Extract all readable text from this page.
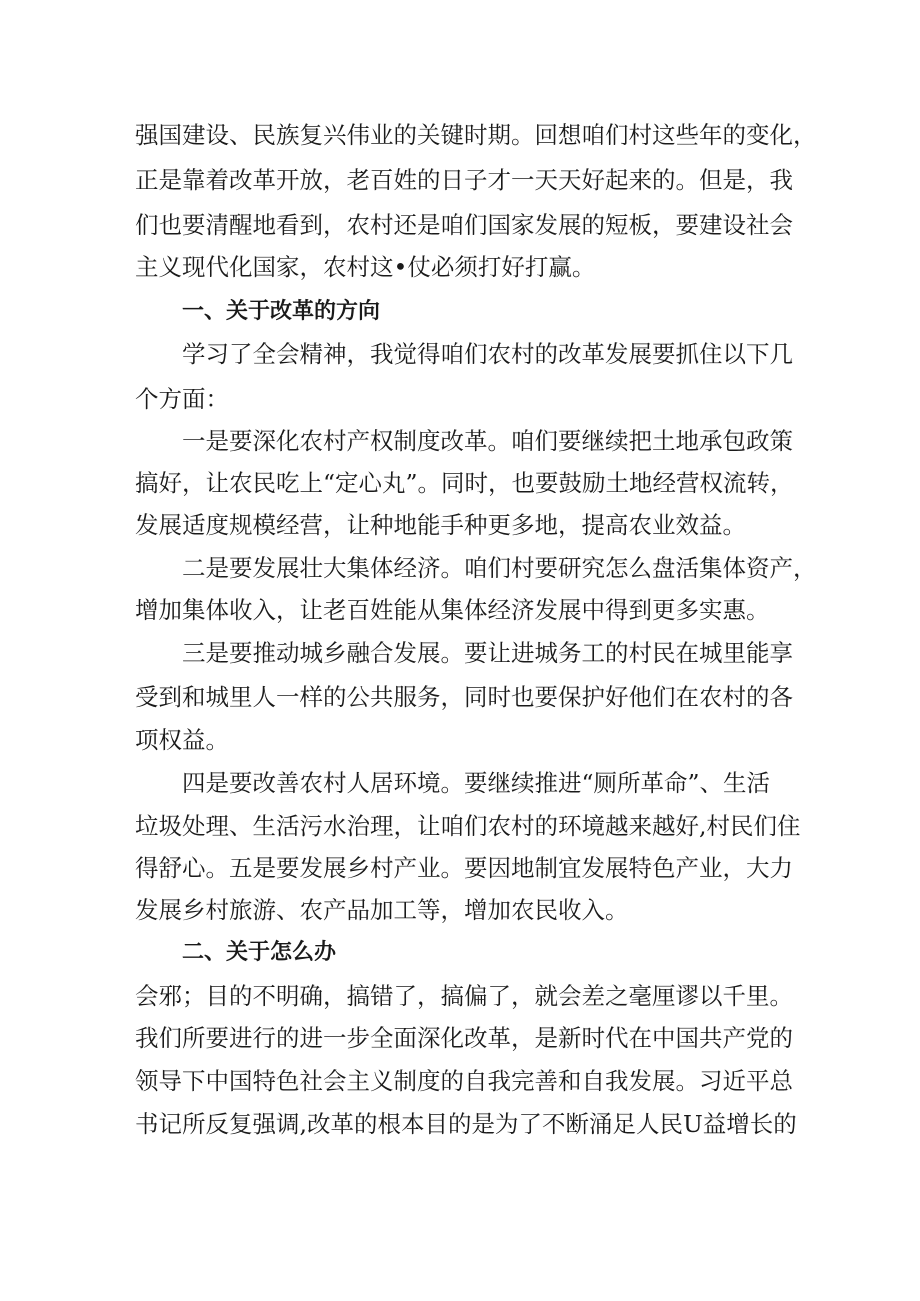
强国建设、民族复兴伟业的关键时期。回想咱们村这些年的变化，
正是靠着改革开放，老百姓的日子才一天天好起来的。但是，我
们也要清醒地看到，农村还是咱们国家发展的短板，要建设社会
主义现代化国家，农村这•仗必须打好打赢。
一、关于改革的方向
学习了全会精神，我觉得咱们农村的改革发展要抓住以下几
个方面：
一是要深化农村产权制度改革。咱们要继续把土地承包政策
搞好，让农民吃上“定心丸”。同时，也要鼓励土地经营权流转，
发展适度规模经营，让种地能手种更多地，提高农业效益。
二是要发展壮大集体经济。咱们村要研究怎么盘活集体资产，
增加集体收入，让老百姓能从集体经济发展中得到更多实惠。
三是要推动城乡融合发展。要让进城务工的村民在城里能享
受到和城里人一样的公共服务，同时也要保护好他们在农村的各
项权益。
四是要改善农村人居环境。要继续推进“厕所革命”、生活
垃圾处理、生活污水治理，让咱们农村的环境越来越好,村民们住
得舒心。五是要发展乡村产业。要因地制宜发展特色产业，大力
发展乡村旅游、农产品加工等，增加农民收入。
二、关于怎么办
会邪；目的不明确，搞错了，搞偏了，就会差之毫厘谬以千里。
我们所要进行的进一步全面深化改革，是新时代在中国共产党的
领导下中国特色社会主义制度的自我完善和自我发展。习近平总
书记所反复强调,改革的根本目的是为了不断涌足人民U益增长的
